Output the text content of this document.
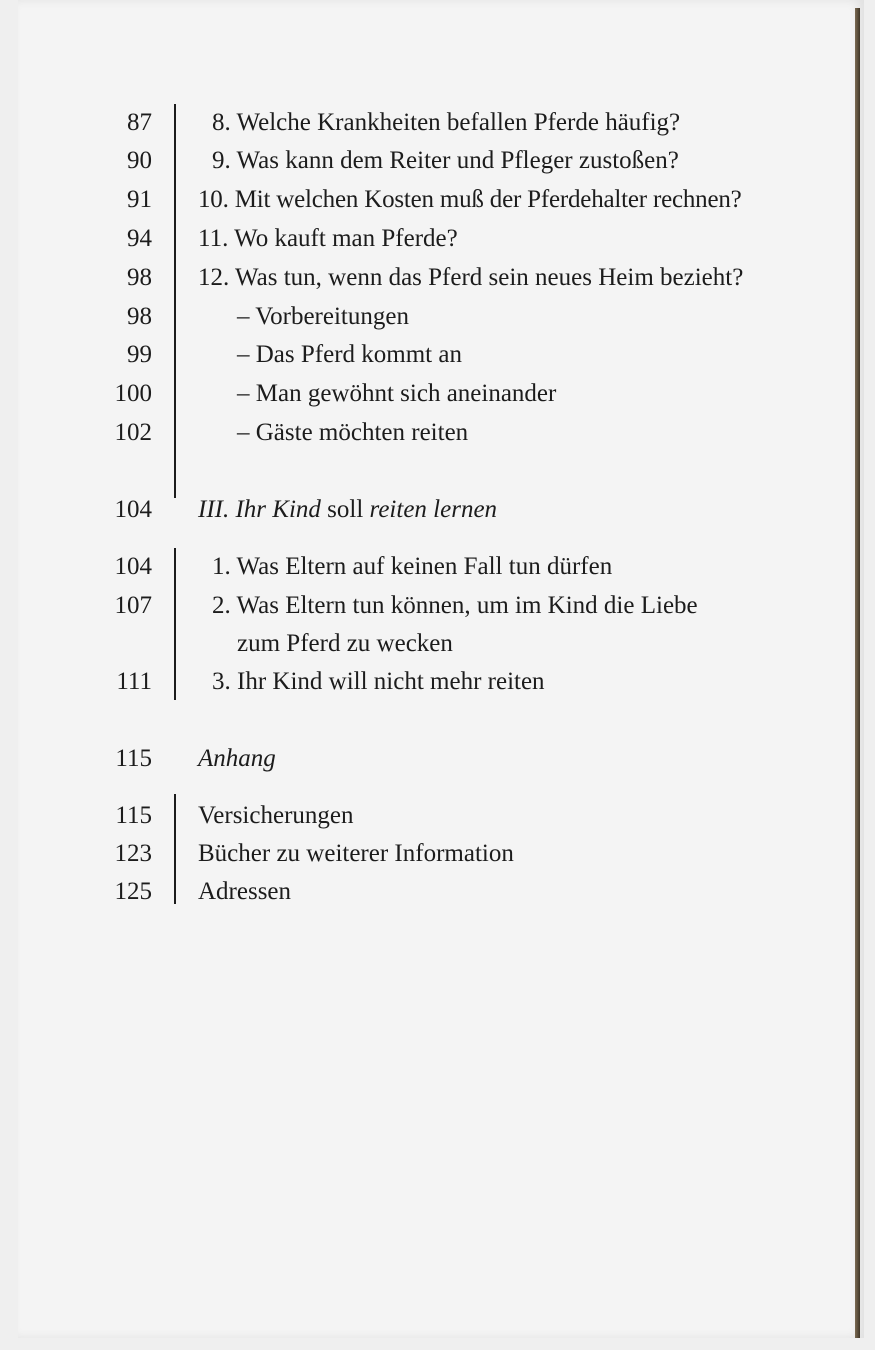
87 8. Welche Krankheiten befallen Pferde häufig?
90 9. Was kann dem Reiter und Pfleger zustoßen?
91 10. Mit welchen Kosten muß der Pferdehalter rechnen?
94 11. Wo kauft man Pferde?
98 12. Was tun, wenn das Pferd sein neues Heim bezieht?
98	– Vorbereitungen
99	– Das Pferd kommt an
100	– Man gewöhnt sich aneinander
102	– Gäste möchten reiten
104 III. Ihr Kind soll reiten lernen
104 1. Was Eltern auf keinen Fall tun dürfen
107 2. Was Eltern tun können, um im Kind die Liebe
zum Pferd zu wecken
111 3. Ihr Kind will nicht mehr reiten
115 Anhang
115 Versicherungen
123 Bücher zu weiterer Information
125 Adressen
